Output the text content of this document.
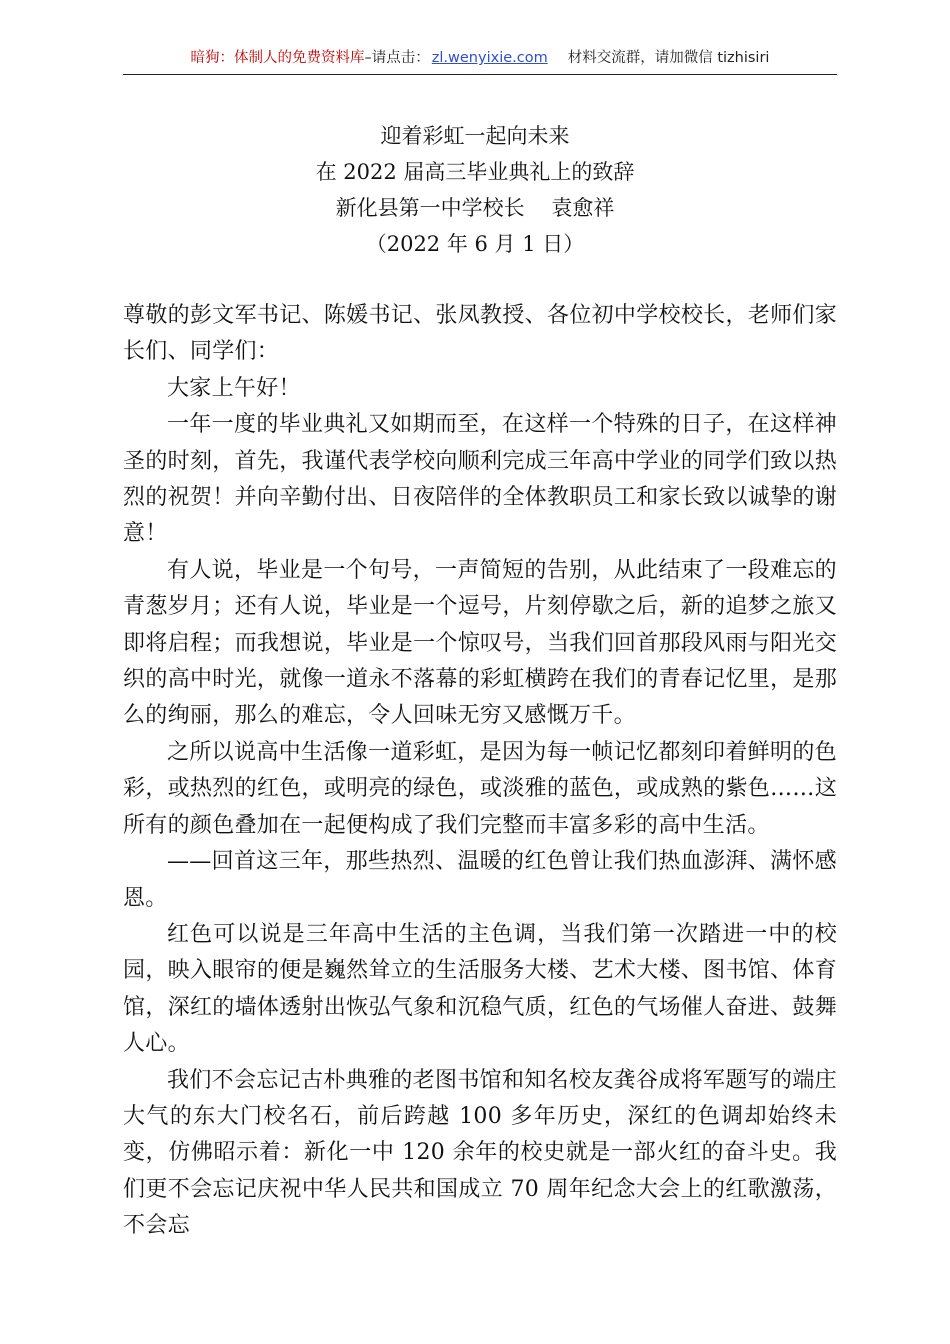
暗狗：体制人的免费资料库–请点击： zl.wenyixie.com 材料交流群，请加微信 tizhisiri
迎着彩虹一起向未来
在 2022 届高三毕业典礼上的致辞
新化县第一中学校长    袁愈祥
（2022 年 6 月 1 日）

尊敬的彭文军书记、陈媛书记、张凤教授、各位初中学校校长，老师们家长们、同学们：

大家上午好！

一年一度的毕业典礼又如期而至，在这样一个特殊的日子，在这样神圣的时刻，首先，我谨代表学校向顺利完成三年高中学业的同学们致以热烈的祝贺！并向辛勤付出、日夜陪伴的全体教职员工和家长致以诚挚的谢意！

有人说，毕业是一个句号，一声简短的告别，从此结束了一段难忘的青葱岁月；还有人说，毕业是一个逗号，片刻停歇之后，新的追梦之旅又即将启程；而我想说，毕业是一个惊叹号，当我们回首那段风雨与阳光交织的高中时光，就像一道永不落幕的彩虹横跨在我们的青春记忆里，是那么的绚丽，那么的难忘，令人回味无穷又感慨万千。

之所以说高中生活像一道彩虹，是因为每一帧记忆都刻印着鲜明的色彩，或热烈的红色，或明亮的绿色，或淡雅的蓝色，或成熟的紫色……这所有的颜色叠加在一起便构成了我们完整而丰富多彩的高中生活。

——回首这三年，那些热烈、温暖的红色曾让我们热血澎湃、满怀感恩。

红色可以说是三年高中生活的主色调，当我们第一次踏进一中的校园，映入眼帘的便是巍然耸立的生活服务大楼、艺术大楼、图书馆、体育馆，深红的墙体透射出恢弘气象和沉稳气质，红色的气场催人奋进、鼓舞人心。

我们不会忘记古朴典雅的老图书馆和知名校友龚谷成将军题写的端庄大气的东大门校名石，前后跨越 100 多年历史，深红的色调却始终未变，仿佛昭示着：新化一中 120 余年的校史就是一部火红的奋斗史。我们更不会忘记庆祝中华人民共和国成立 70 周年纪念大会上的红歌激荡，不会忘
